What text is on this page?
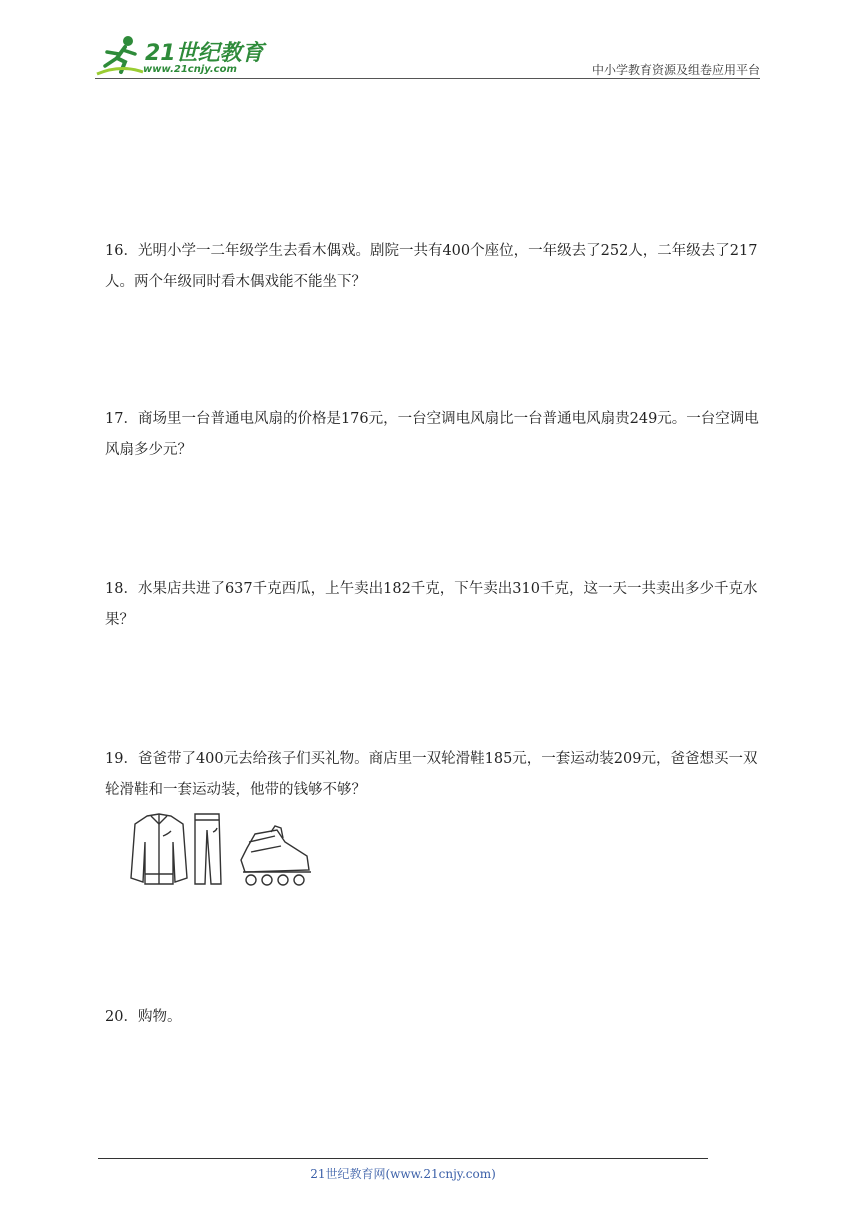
21世纪教育
www.21cnjy.com	中小学教育资源及组卷应用平台
16．光明小学一二年级学生去看木偶戏。剧院一共有400个座位，一年级去了252人，二年级去了217人。两个年级同时看木偶戏能不能坐下？
17．商场里一台普通电风扇的价格是176元，一台空调电风扇比一台普通电风扇贵249元。一台空调电风扇多少元？
18．水果店共进了637千克西瓜，上午卖出182千克，下午卖出310千克，这一天一共卖出多少千克水果？
19．爸爸带了400元去给孩子们买礼物。商店里一双轮滑鞋185元，一套运动装209元，爸爸想买一双轮滑鞋和一套运动装，他带的钱够不够？
20．购物。
21世纪教育网(www.21cnjy.com)
